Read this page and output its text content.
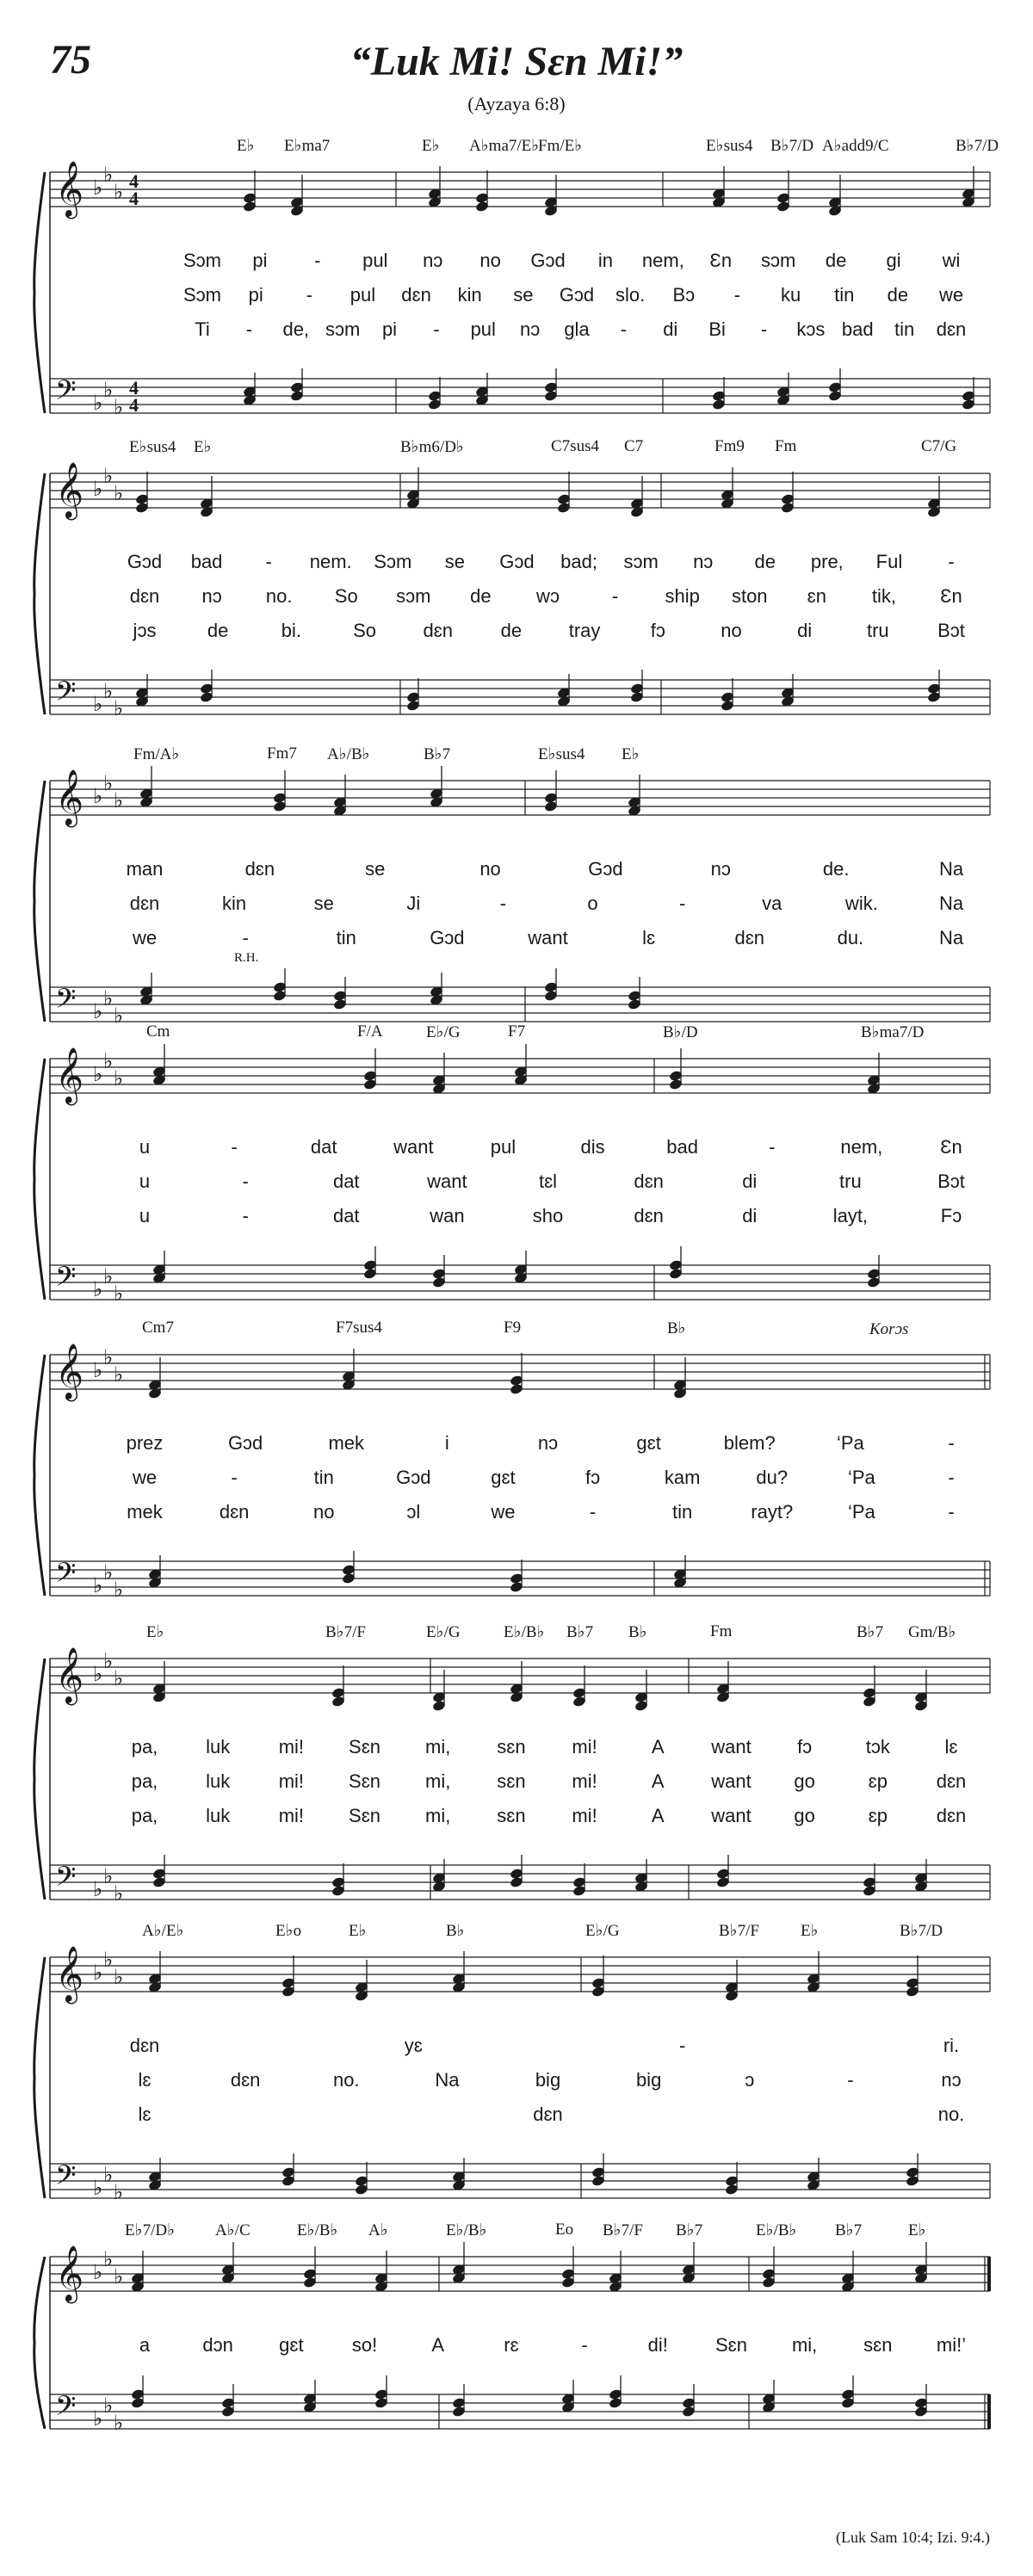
75	“Luk Mi! Sɛn Mi!”
(Ayzaya 6:8)
E♭ E♭ma7	E♭ A♭ma7/E♭
Fm/E♭	E♭sus4 B♭7/D A♭add9/C	B♭7/D
𝄞 ♭
♭
♭ 4
4
𝄢 ♭
♭
♭
4
4
Sɔm pi - pul nɔ no Gɔd in nem, Ɛn sɔm de gi wi
Sɔm pi - pul dɛn kin se Gɔd slo. Bɔ - ku tin de we
Ti - de, sɔm pi - pul nɔ gla - di Bi - kɔs bad tin dɛn
E♭sus4 E♭	B♭m6/D♭	C7sus4 C7	Fm9 Fm	C7/G
𝄞 ♭
♭
♭
𝄢 ♭
♭
♭
Gɔd bad - nem. Sɔm se Gɔd bad; sɔm nɔ de pre, Ful -
dɛn nɔ no. So sɔm de wɔ	- ship ston ɛn tik, Ɛn
jɔs	de	bi.	So dɛn	de tray	fɔ	no	di	tru	Bɔt
Fm/A♭	Fm7 A♭/B♭	B♭7	E♭sus4 E♭
R.H.
𝄞 ♭
♭
♭
𝄢 ♭
♭
♭
man	dɛn	se	no	Gɔd	nɔ	de.	Na
dɛn	kin	se	Ji	-	o	-	va	wik.	Na
we	-	tin	Gɔd	want	lɛ	dɛn	du.	Na
Cm	F/A	E♭/G	F7	B♭/D	B♭ma7/D
𝄞 ♭
♭
♭
𝄢 ♭
♭
♭
u	-	dat	want	pul	dis	bad	-	nem,	Ɛn
u	-	dat	want	tɛl	dɛn	di	tru	Bɔt
u	-	dat	wan	sho	dɛn	di	layt,	Fɔ
Cm7	F7sus4	F9	B♭	Korɔs
𝄞 ♭
♭
♭
𝄢 ♭
♭
♭
prez	Gɔd	mek	i	nɔ	gɛt	blem?	‘Pa	-
we	-	tin	Gɔd	gɛt	fɔ	kam	du?	‘Pa	-
mek	dɛn	no	ɔl	we	-	tin	rayt?	‘Pa	-
E♭	B♭7/F	E♭/G	E♭/B♭ B♭7 B♭	Fm	B♭7 Gm/B♭
𝄞 ♭
♭
♭
𝄢 ♭
♭
♭
pa,	luk	mi! Sɛn mi, sɛn mi!	A want fɔ	tɔk	lɛ
pa,	luk	mi! Sɛn mi, sɛn mi!	A want go	ɛp	dɛn
pa,	luk	mi! Sɛn mi, sɛn mi!	A want go	ɛp	dɛn
A♭/E♭	E♭o	E♭	B♭	E♭/G	B♭7/F	E♭	B♭7/D
𝄞 ♭
♭
♭
𝄢 ♭
♭
♭
dɛn	yɛ	-	ri.
lɛ	dɛn	no.	Na	big	big	ɔ	-	nɔ
lɛ	dɛn	no.
E♭7/D♭ A♭/C	E♭/B♭ A♭	E♭/B♭	Eo B♭7/F B♭7	E♭/B♭ B♭7	E♭
𝄞 ♭
♭
♭
𝄢 ♭
♭
♭
a	dɔn gɛt	so!	A	rɛ	-	di!	Sɛn mi, sɛn mi!’
(Luk Sam 10:4; Izi. 9:4.)
